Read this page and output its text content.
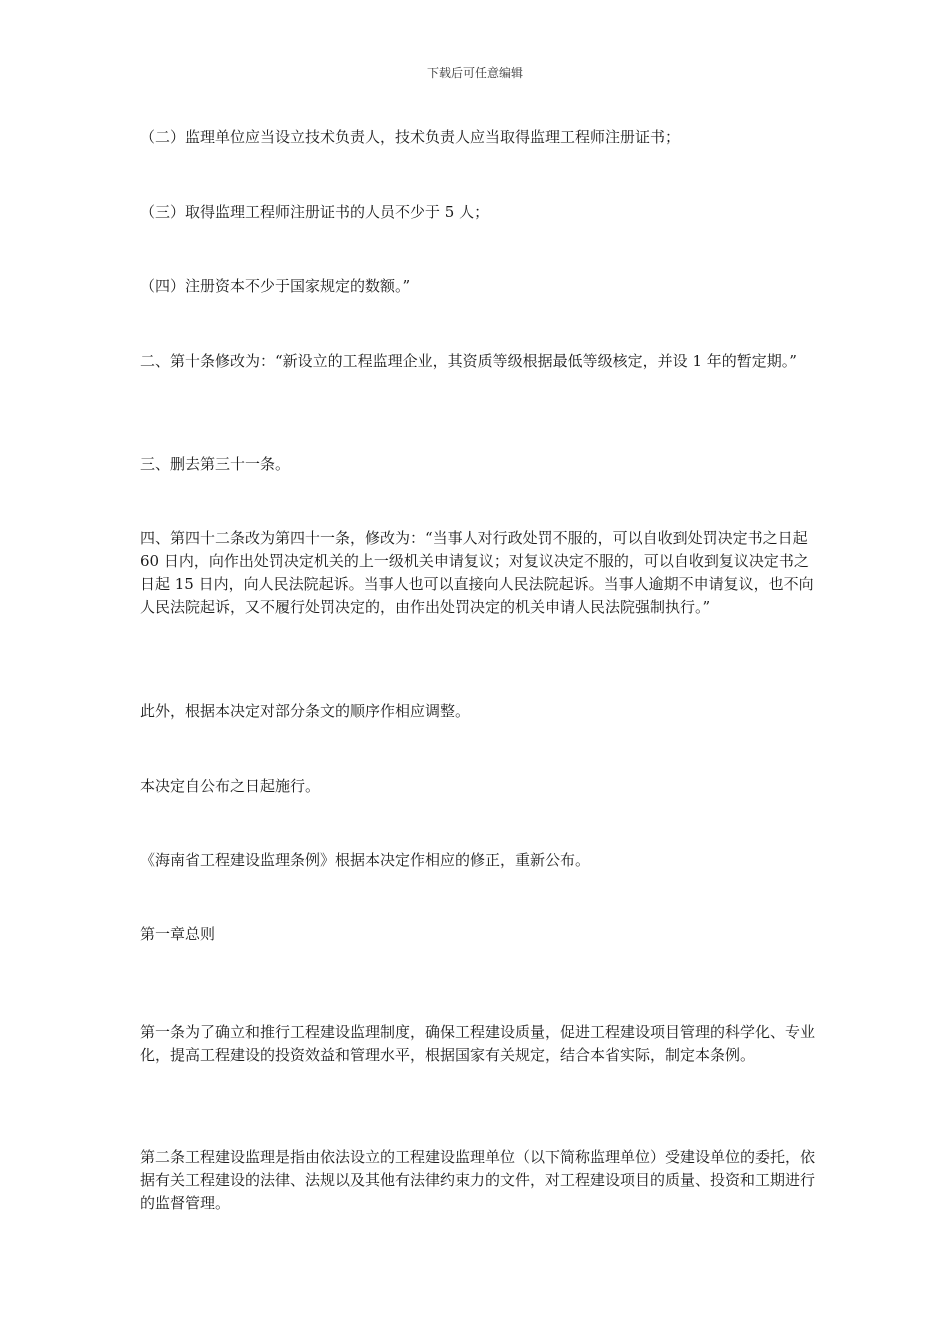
下载后可任意编辑

（二）监理单位应当设立技术负责人，技术负责人应当取得监理工程师注册证书；

（三）取得监理工程师注册证书的人员不少于 5 人；

（四）注册资本不少于国家规定的数额。”

二、第十条修改为：“新设立的工程监理企业，其资质等级根据最低等级核定，并设 1 年的暂定期。”

三、删去第三十一条。

四、第四十二条改为第四十一条，修改为：“当事人对行政处罚不服的，可以自收到处罚决定书之日起 60 日内，向作出处罚决定机关的上一级机关申请复议；对复议决定不服的，可以自收到复议决定书之日起 15 日内，向人民法院起诉。当事人也可以直接向人民法院起诉。当事人逾期不申请复议，也不向人民法院起诉，又不履行处罚决定的，由作出处罚决定的机关申请人民法院强制执行。”

此外，根据本决定对部分条文的顺序作相应调整。

本决定自公布之日起施行。

《海南省工程建设监理条例》根据本决定作相应的修正，重新公布。

第一章总则

第一条为了确立和推行工程建设监理制度，确保工程建设质量，促进工程建设项目管理的科学化、专业化，提高工程建设的投资效益和管理水平，根据国家有关规定，结合本省实际，制定本条例。

第二条工程建设监理是指由依法设立的工程建设监理单位（以下简称监理单位）受建设单位的委托，依据有关工程建设的法律、法规以及其他有法律约束力的文件，对工程建设项目的质量、投资和工期进行的监督管理。
